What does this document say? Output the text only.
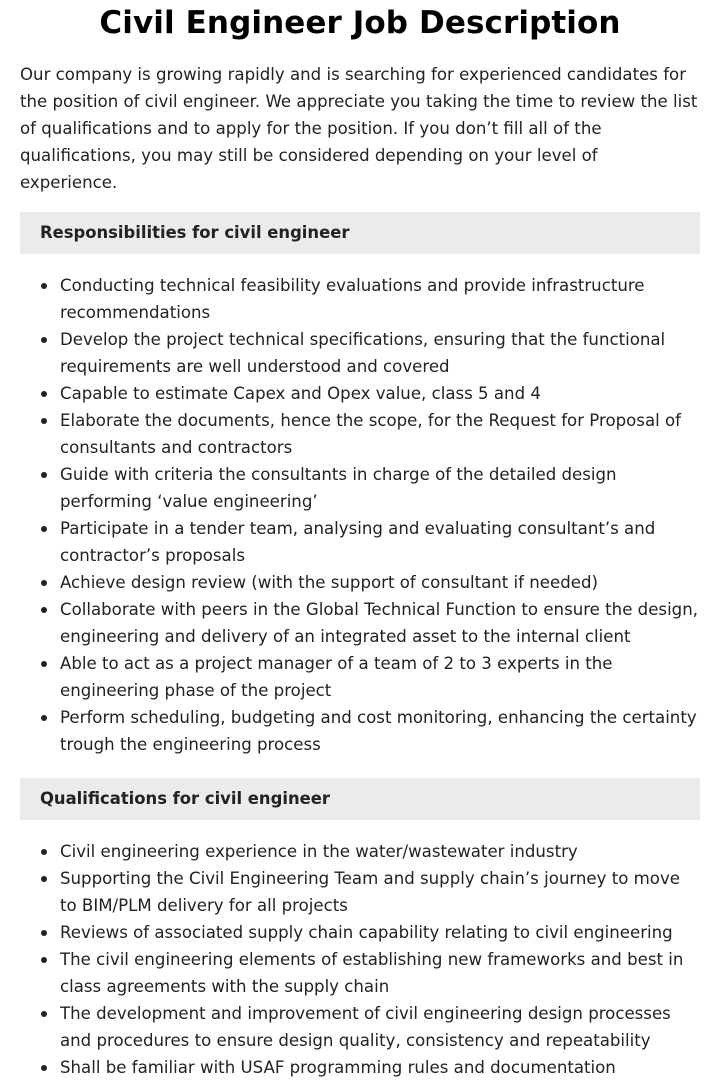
Civil Engineer Job Description

Our company is growing rapidly and is searching for experienced candidates for the position of civil engineer. We appreciate you taking the time to review the list of qualifications and to apply for the position. If you don’t fill all of the qualifications, you may still be considered depending on your level of experience.

Responsibilities for civil engineer
Conducting technical feasibility evaluations and provide infrastructure recommendations
Develop the project technical specifications, ensuring that the functional requirements are well understood and covered
Capable to estimate Capex and Opex value, class 5 and 4
Elaborate the documents, hence the scope, for the Request for Proposal of consultants and contractors
Guide with criteria the consultants in charge of the detailed design performing ‘value engineering’
Participate in a tender team, analysing and evaluating consultant’s and contractor’s proposals
Achieve design review (with the support of consultant if needed)
Collaborate with peers in the Global Technical Function to ensure the design, engineering and delivery of an integrated asset to the internal client
Able to act as a project manager of a team of 2 to 3 experts in the engineering phase of the project
Perform scheduling, budgeting and cost monitoring, enhancing the certainty trough the engineering process
Qualifications for civil engineer
Civil engineering experience in the water/wastewater industry
Supporting the Civil Engineering Team and supply chain’s journey to move to BIM/PLM delivery for all projects
Reviews of associated supply chain capability relating to civil engineering
The civil engineering elements of establishing new frameworks and best in class agreements with the supply chain
The development and improvement of civil engineering design processes and procedures to ensure design quality, consistency and repeatability
Shall be familiar with USAF programming rules and documentation
